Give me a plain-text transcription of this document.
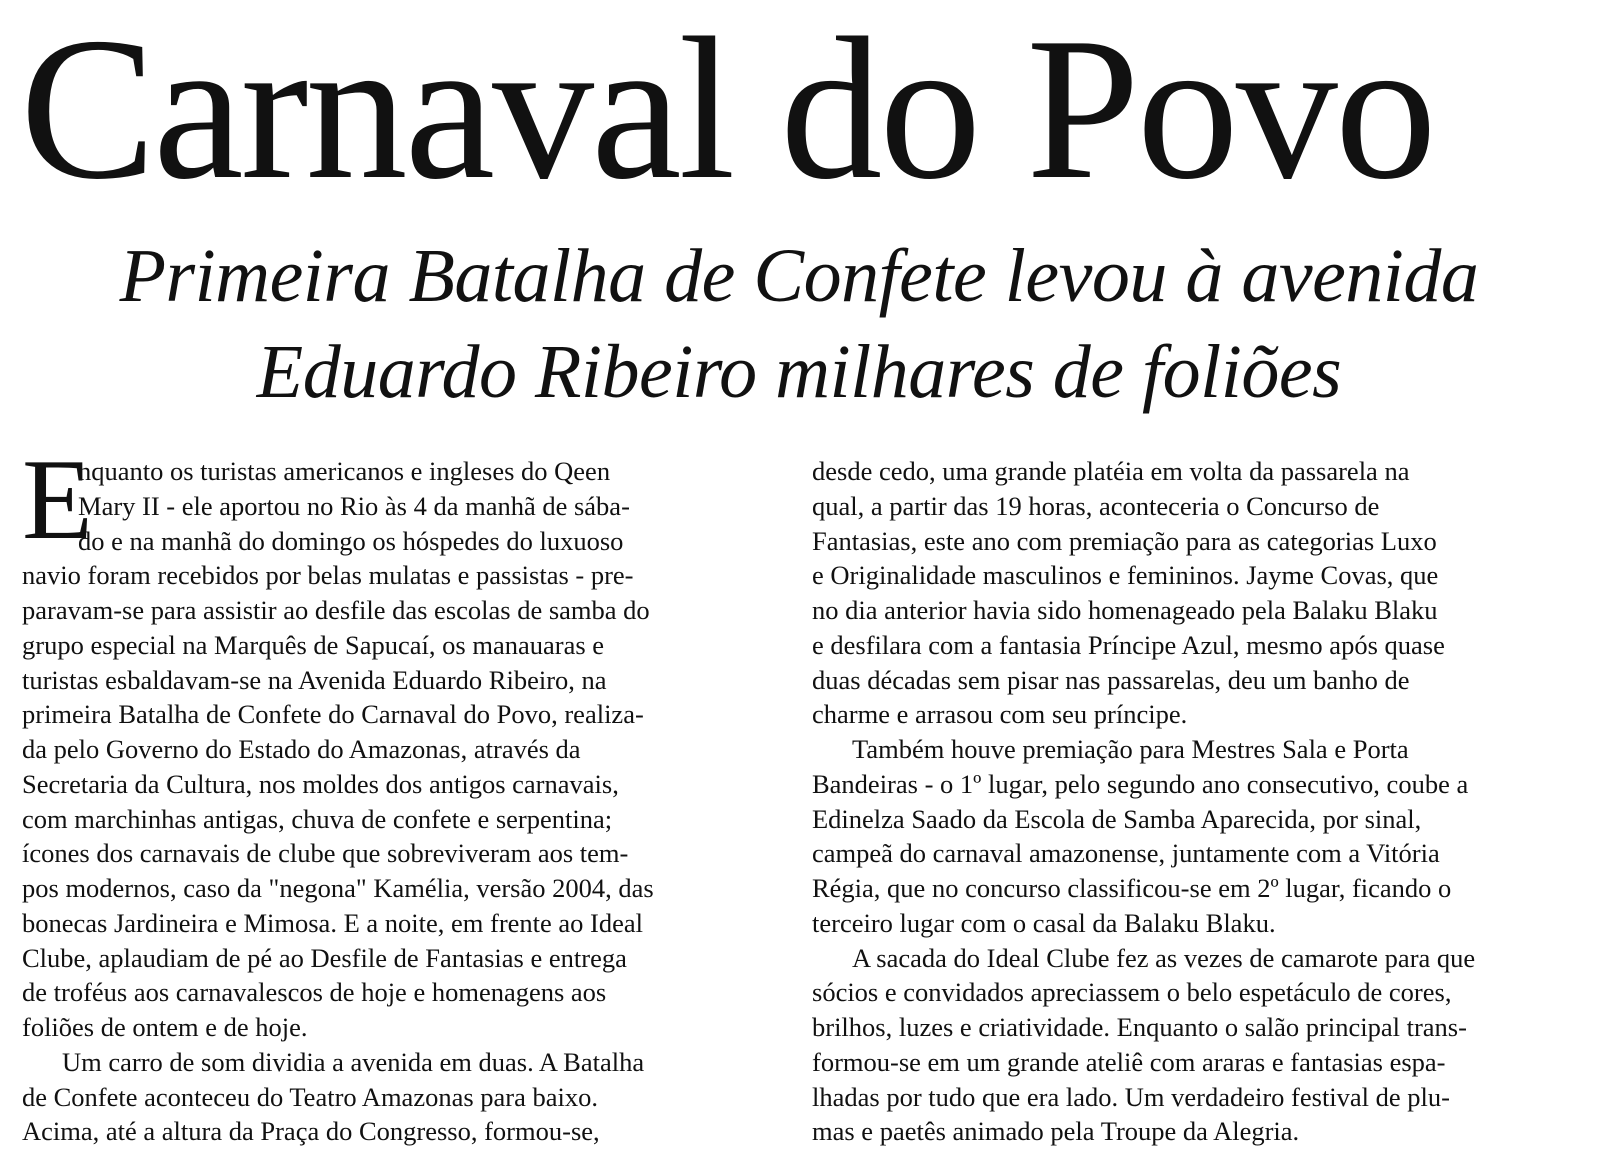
Carnaval do Povo
Primeira Batalha de Confete levou à avenida
Eduardo Ribeiro milhares de foliões
E
nquanto os turistas americanos e ingleses do Qeen
Mary II - ele aportou no Rio às 4 da manhã de sába-
do e na manhã do domingo os hóspedes do luxuoso
navio foram recebidos por belas mulatas e passistas - pre-
paravam-se para assistir ao desfile das escolas de samba do
grupo especial na Marquês de Sapucaí, os manauaras e
turistas esbaldavam-se na Avenida Eduardo Ribeiro, na
primeira Batalha de Confete do Carnaval do Povo, realiza-
da pelo Governo do Estado do Amazonas, através da
Secretaria da Cultura, nos moldes dos antigos carnavais,
com marchinhas antigas, chuva de confete e serpentina;
ícones dos carnavais de clube que sobreviveram aos tem-
pos modernos, caso da "negona" Kamélia, versão 2004, das
bonecas Jardineira e Mimosa. E a noite, em frente ao Ideal
Clube, aplaudiam de pé ao Desfile de Fantasias e entrega
de troféus aos carnavalescos de hoje e homenagens aos
foliões de ontem e de hoje.
Um carro de som dividia a avenida em duas. A Batalha
de Confete aconteceu do Teatro Amazonas para baixo.
Acima, até a altura da Praça do Congresso, formou-se,
desde cedo, uma grande platéia em volta da passarela na
qual, a partir das 19 horas, aconteceria o Concurso de
Fantasias, este ano com premiação para as categorias Luxo
e Originalidade masculinos e femininos. Jayme Covas, que
no dia anterior havia sido homenageado pela Balaku Blaku
e desfilara com a fantasia Príncipe Azul, mesmo após quase
duas décadas sem pisar nas passarelas, deu um banho de
charme e arrasou com seu príncipe.
Também houve premiação para Mestres Sala e Porta
Bandeiras - o 1º lugar, pelo segundo ano consecutivo, coube a
Edinelza Saado da Escola de Samba Aparecida, por sinal,
campeã do carnaval amazonense, juntamente com a Vitória
Régia, que no concurso classificou-se em 2º lugar, ficando o
terceiro lugar com o casal da Balaku Blaku.
A sacada do Ideal Clube fez as vezes de camarote para que
sócios e convidados apreciassem o belo espetáculo de cores,
brilhos, luzes e criatividade. Enquanto o salão principal trans-
formou-se em um grande ateliê com araras e fantasias espa-
lhadas por tudo que era lado. Um verdadeiro festival de plu-
mas e paetês animado pela Troupe da Alegria.
